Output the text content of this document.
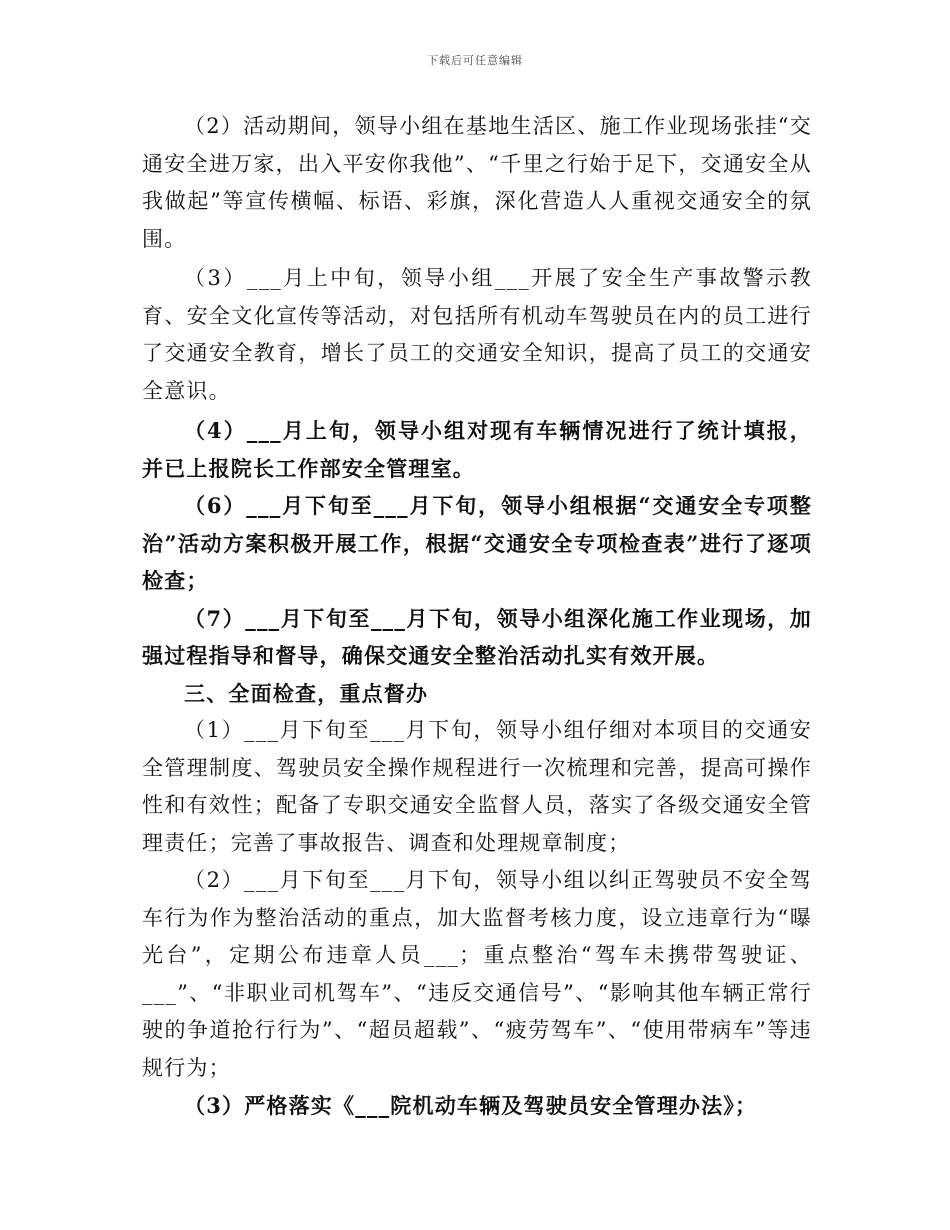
下载后可任意编辑

（2）活动期间，领导小组在基地生活区、施工作业现场张挂“交通安全进万家，出入平安你我他”、“千里之行始于足下，交通安全从我做起”等宣传横幅、标语、彩旗，深化营造人人重视交通安全的氛围。

（3）___月上中旬，领导小组___开展了安全生产事故警示教育、安全文化宣传等活动，对包括所有机动车驾驶员在内的员工进行了交通安全教育，增长了员工的交通安全知识，提高了员工的交通安全意识。

（4）___月上旬，领导小组对现有车辆情况进行了统计填报，并已上报院长工作部安全管理室。

（6）___月下旬至___月下旬，领导小组根据“交通安全专项整治”活动方案积极开展工作，根据“交通安全专项检查表”进行了逐项检查；

（7）___月下旬至___月下旬，领导小组深化施工作业现场，加强过程指导和督导，确保交通安全整治活动扎实有效开展。

三、全面检查，重点督办

（1）___月下旬至___月下旬，领导小组仔细对本项目的交通安全管理制度、驾驶员安全操作规程进行一次梳理和完善，提高可操作性和有效性；配备了专职交通安全监督人员，落实了各级交通安全管理责任；完善了事故报告、调查和处理规章制度；

（2）___月下旬至___月下旬，领导小组以纠正驾驶员不安全驾车行为作为整治活动的重点，加大监督考核力度，设立违章行为“曝光台”，定期公布违章人员___；重点整治“驾车未携带驾驶证、___”、“非职业司机驾车”、“违反交通信号”、“影响其他车辆正常行驶的争道抢行行为”、“超员超载”、“疲劳驾车”、“使用带病车”等违规行为；

（3）严格落实《___院机动车辆及驾驶员安全管理办法》；
